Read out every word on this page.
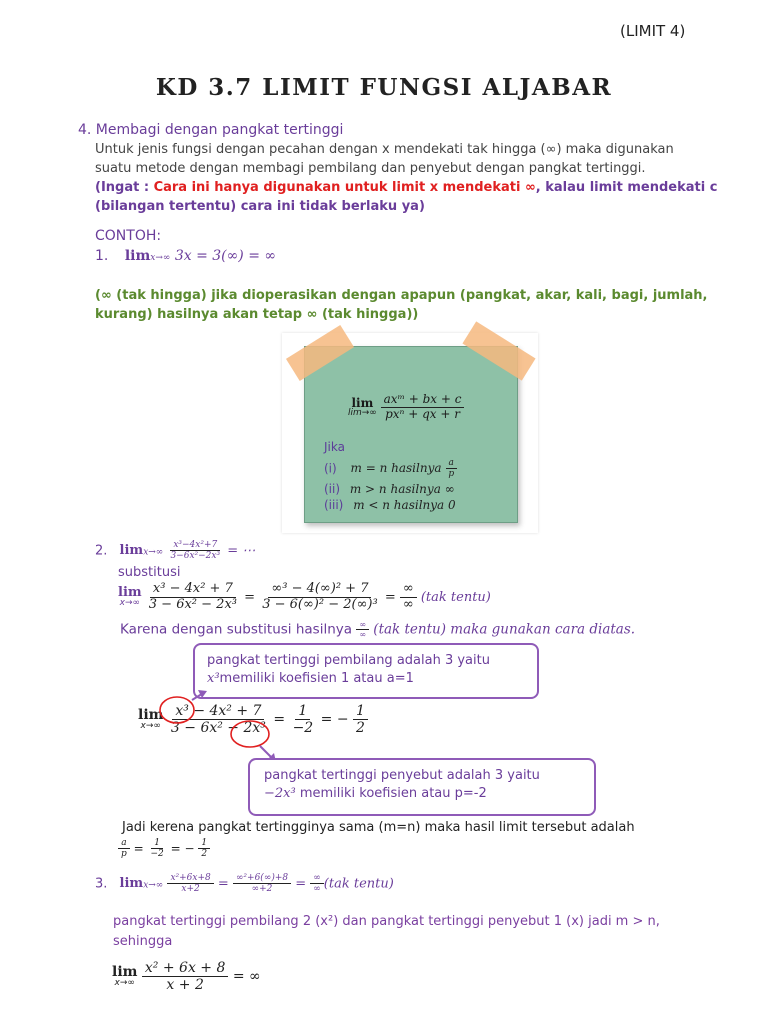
(LIMIT 4)
KD 3.7 LIMIT FUNGSI ALJABAR
4. Membagi dengan pangkat tertinggi
Untuk jenis fungsi dengan pecahan dengan x mendekati tak hingga (∞) maka digunakan
suatu metode dengan membagi pembilang dan penyebut dengan pangkat tertinggi.
(Ingat : Cara ini hanya digunakan untuk limit x mendekati ∞, kalau limit mendekati c
(bilangan tertentu) cara ini tidak berlaku ya)
CONTOH:
1. limx→∞ 3x = 3(∞) = ∞
(∞ (tak hingga) jika dioperasikan dengan apapun (pangkat, akar, kali, bagi, jumlah,
kurang) hasilnya akan tetap ∞ (tak hingga))
lim
lim→∞
$\frac{\text{axᵐ + bx + c}}{\text{pxⁿ + qx + r}}$
Jika
(i) m = n hasilnya $\frac{a}{p}$
(ii) m > n hasilnya ∞
(iii) m < n hasilnya 0
2. $\lim x\to\infty \frac{\text{x³−4x²+7}}{\text{3−6x²−2x³}}$ = ⋯
substitusi
lim
x→∞
$\frac{\text{x³ − 4x² + 7}}{\text{3 − 6x² − 2x³}} = \frac{\text{∞³ − 4(∞)² + 7}}{\text{3 − 6(∞)² − 2(∞)³}} = \frac{\infty}{\infty} (tak$ tentu)
Karena dengan substitusi hasilnya $\frac{\infty}{\infty} (tak$ tentu) maka gunakan cara diatas.
pangkat tertinggi pembilang adalah 3 yaitu
x³memiliki koefisien 1 atau a=1
lim
x→∞
$\frac{\text{x³ − 4x² + 7}}{\text{3 − 6x² − 2x³}} = \frac{1}{-2}$ = − $\frac{1}{2}$
pangkat tertinggi penyebut adalah 3 yaitu
−2x³ memiliki koefisien atau p=-2
Jadi kerena pangkat tertingginya sama (m=n) maka hasil limit tersebut adalah
$\frac{a}{p} = \frac{1}{-2}$ = − $\frac{1}{2}$
3. $\lim x\to\infty \frac{\text{x²+6x+8}}{x+2} = \frac{\text{∞²+6(∞)+8}}{\infty+2} = \frac{\infty}{\infty} (tak$ tentu)
pangkat tertinggi pembilang 2 (x²) dan pangkat tertinggi penyebut 1 (x) jadi m > n,
sehingga
lim
x→∞
$\frac{\text{x² + 6x + 8}}{x + 2}$ = ∞
